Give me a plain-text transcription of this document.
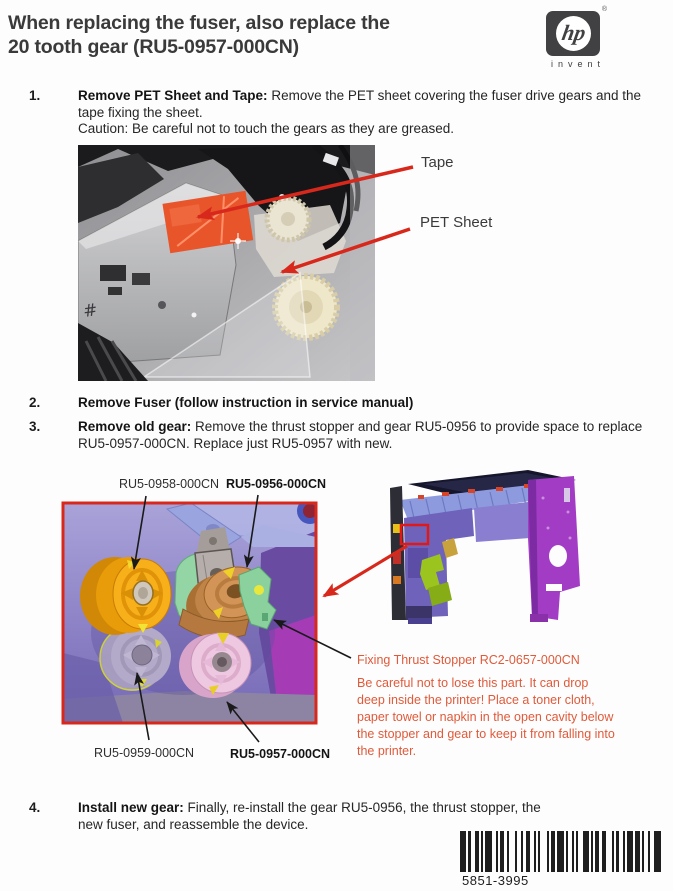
When replacing the fuser, also replace the
20 tooth gear (RU5-0957-000CN)
hp
®
invent
1.	Remove PET Sheet and Tape: Remove the PET sheet covering the fuser drive gears and the tape fixing the sheet.
Caution: Be careful not to touch the gears as they are greased.
#
Tape
PET Sheet
2.	Remove Fuser (follow instruction in service manual)
3.	Remove old gear: Remove the thrust stopper and gear RU5-0956 to provide space to replace RU5-0957-000CN. Replace just RU5-0957 with new.
RU5-0958-000CN RU5-0956-000CN
RU5-0959-000CN	RU5-0957-000CN
Fixing Thrust Stopper RC2-0657-000CN
Be careful not to lose this part. It can drop deep inside the printer! Place a toner cloth, paper towel or napkin in the open cavity below the stopper and gear to keep it from falling into the printer.
4.	Install new gear: Finally, re-install the gear RU5-0956, the thrust stopper, the new fuser, and reassemble the device.
5851-3995
